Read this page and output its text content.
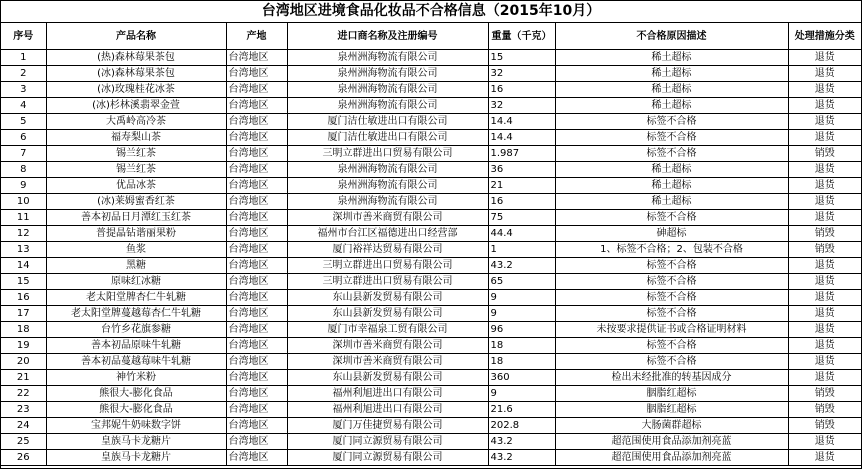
台湾地区进境食品化妆品不合格信息（2015年10月）
序号	产品名称	产地	进口商名称及注册编号	重量（千克）	不合格原因描述	处理措施分类
1	(热)森林莓果茶包	台湾地区	泉州洲海物流有限公司	15	稀土超标	退货
2	(冰)森林莓果茶包	台湾地区	泉州洲海物流有限公司	32	稀土超标	退货
3	(冰)玫瑰桂花冰茶	台湾地区	泉州洲海物流有限公司	16	稀土超标	退货
4	(冰)杉林溪翡翠金萱	台湾地区	泉州洲海物流有限公司	32	稀土超标	退货
5	大禹岭高冷茶	台湾地区	厦门洁仕敏进出口有限公司	14.4	标签不合格	退货
6	福寿梨山茶	台湾地区	厦门洁仕敏进出口有限公司	14.4	标签不合格	退货
7	锡兰红茶	台湾地区	三明立群进出口贸易有限公司	1.987	标签不合格	销毁
8	锡兰红茶	台湾地区	泉州洲海物流有限公司	36	稀土超标	退货
9	优品冰茶	台湾地区	泉州洲海物流有限公司	21	稀土超标	退货
10	(冰)莱姆蜜香红茶	台湾地区	泉州洲海物流有限公司	16	稀土超标	退货
11	善本初品日月潭红玉红茶	台湾地区	深圳市善米商贸有限公司	75	标签不合格	退货
12	普提晶钻谐丽果粉	台湾地区	福州市台江区福德进出口经营部	44.4	砷超标	销毁
13	鱼浆	台湾地区	厦门裕祥达贸易有限公司	1	1、标签不合格；2、包装不合格	销毁
14	黑糖	台湾地区	三明立群进出口贸易有限公司	43.2	标签不合格	退货
15	原味红冰糖	台湾地区	三明立群进出口贸易有限公司	65	标签不合格	退货
16	老太阳堂牌杏仁牛轧糖	台湾地区	东山县新发贸易有限公司	9	标签不合格	退货
17	老太阳堂牌蔓越莓杏仁牛轧糖	台湾地区	东山县新发贸易有限公司	9	标签不合格	退货
18	台竹乡花旗参糖	台湾地区	厦门市幸福泉工贸有限公司	96	未按要求提供证书或合格证明材料	退货
19	善本初品原味牛轧糖	台湾地区	深圳市善米商贸有限公司	18	标签不合格	退货
20	善本初品蔓越莓味牛轧糖	台湾地区	深圳市善米商贸有限公司	18	标签不合格	退货
21	神竹米粉	台湾地区	东山县新发贸易有限公司	360	检出未经批准的转基因成分	退货
22	熊很大-膨化食品	台湾地区	福州利旭进出口有限公司	9	胭脂红超标	销毁
23	熊很大-膨化食品	台湾地区	福州利旭进出口有限公司	21.6	胭脂红超标	销毁
24	宝邦妮牛奶味数字饼	台湾地区	厦门万佳捷贸易有限公司	202.8	大肠菌群超标	销毁
25	皇族马卡龙糖片	台湾地区	厦门同立源贸易有限公司	43.2	超范围使用食品添加剂亮蓝	退货
26	皇族马卡龙糖片	台湾地区	厦门同立源贸易有限公司	43.2	超范围使用食品添加剂亮蓝	退货
